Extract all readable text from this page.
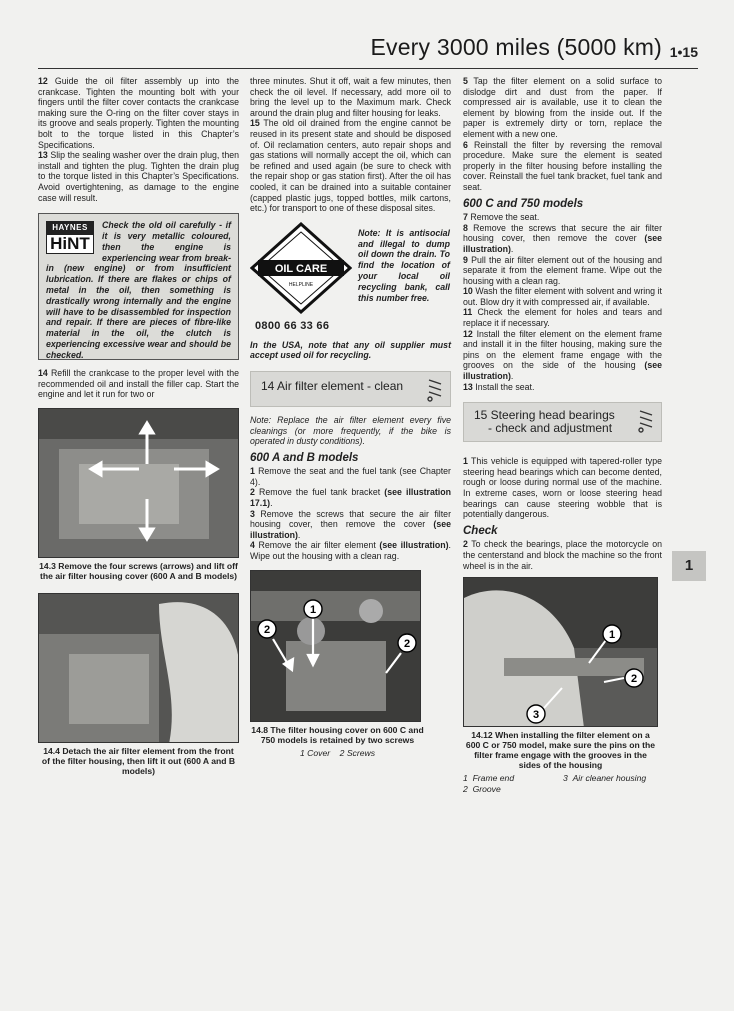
Every 3000 miles (5000 km) 1•15

12 Guide the oil filter assembly up into the crankcase. Tighten the mounting bolt with your fingers until the filter cover contacts the crankcase making sure the O-ring on the filter cover stays in its groove and seals properly. Tighten the mounting bolt to the torque listed in this Chapter’s Specifications.

13 Slip the sealing washer over the drain plug, then install and tighten the plug. Tighten the drain plug to the torque listed in this Chapter’s Specifications. Avoid overtightening, as damage to the engine case will result.

HAYNES
HiNT
Check the old oil carefully - if it is very metallic coloured, then the engine is experiencing wear from break-in (new engine) or from insufficient lubrication. If there are flakes or chips of metal in the oil, then something is drastically wrong internally and the engine will have to be disassembled for inspection and repair. If there are pieces of fibre-like material in the oil, the clutch is experiencing excessive wear and should be checked.

14 Refill the crankcase to the proper level with the recommended oil and install the filler cap. Start the engine and let it run for two or

14.3 Remove the four screws (arrows) and lift off the air filter housing cover (600 A and B models)
14.4 Detach the air filter element from the front of the filter housing, then lift it out (600 A and B models)

three minutes. Shut it off, wait a few minutes, then check the oil level. If necessary, add more oil to bring the level up to the Maximum mark. Check around the drain plug and filter housing for leaks.

15 The old oil drained from the engine cannot be reused in its present state and should be disposed of. Oil reclamation centers, auto repair shops and gas stations will normally accept the oil, which can be refined and used again (be sure to check with the repair shop or gas station first). After the oil has cooled, it can be drained into a suitable container (capped plastic jugs, topped bottles, milk cartons, etc.) for transport to one of these disposal sites.

OIL CARE
HELPLINE
0800 66 33 66
Note: It is antisocial and illegal to dump oil down the drain. To find the location of your local oil recycling bank, call this number free.

In the USA, note that any oil supplier must accept used oil for recycling.

14 Air filter element - clean

Note: Replace the air filter element every five cleanings (or more frequently, if the bike is operated in dusty conditions).

600 A and B models

1 Remove the seat and the fuel tank (see Chapter 4).

2 Remove the fuel tank bracket (see illustration 17.1).

3 Remove the screws that secure the air filter housing cover, then remove the cover (see illustration).

4 Remove the air filter element (see illustration). Wipe out the housing with a clean rag.

1
2
2
14.8 The filter housing cover on 600 C and 750 models is retained by two screws
1 Cover 2 Screws

5 Tap the filter element on a solid surface to dislodge dirt and dust from the paper. If compressed air is available, use it to clean the element by blowing from the inside out. If the paper is extremely dirty or torn, replace the element with a new one.

6 Reinstall the filter by reversing the removal procedure. Make sure the element is seated properly in the filter housing before installing the cover. Reinstall the fuel tank bracket, fuel tank and seat.

600 C and 750 models

7 Remove the seat.

8 Remove the screws that secure the air filter housing cover, then remove the cover (see illustration).

9 Pull the air filter element out of the housing and separate it from the element frame. Wipe out the housing with a clean rag.

10 Wash the filter element with solvent and wring it out. Blow dry it with compressed air, if available.

11 Check the element for holes and tears and replace it if necessary.

12 Install the filter element on the element frame and install it in the filter housing, making sure the pins on the element frame engage with the grooves on the side of the housing (see illustration).

13 Install the seat.

15 Steering head bearings
- check and adjustment

1 This vehicle is equipped with tapered-roller type steering head bearings which can become dented, rough or loose during normal use of the machine. In extreme cases, worn or loose steering head bearings can cause steering wobble that is potentially dangerous.

Check

2 To check the bearings, place the motorcycle on the centerstand and block the machine so the front wheel is in the air.

1
2
3
14.12 When installing the filter element on a 600 C or 750 model, make sure the pins on the filter frame engage with the grooves in the sides of the housing
1 Frame end	3 Air cleaner housing
2 Groove
1
